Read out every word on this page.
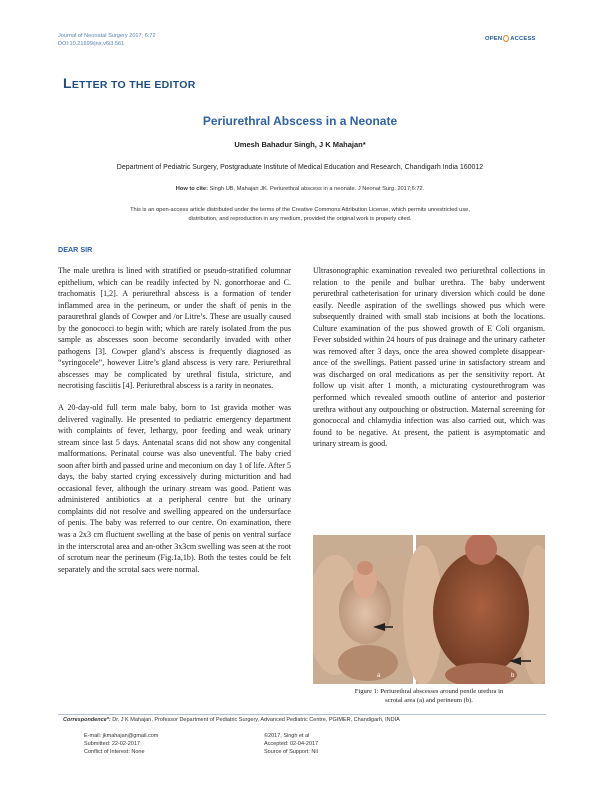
Journal of Neonatal Surgery 2017; 6:72
DOI:10.21699/jns.v6i3.561
OPEN ACCESS
LETTER TO THE EDITOR
Periurethral Abscess in a Neonate
Umesh Bahadur Singh, J K Mahajan*
Department of Pediatric Surgery, Postgraduate Institute of Medical Education and Research, Chandigarh India 160012
How to cite: Singh UB, Mahajan JK. Periurethral abscess in a neonate. J Neonat Surg. 2017;6:72.
This is an open-access article distributed under the terms of the Creative Commons Attribution License, which permits unrestricted use,
distribution, and reproduction in any medium, provided the original work is properly cited.
DEAR SIR

The male urethra is lined with stratified or pseudo-stratified columnar epithelium, which can be readily infected by N. gonorrhoeae and C. trachomatis [1,2]. A periurethral abscess is a formation of tender inflammed area in the perineum, or under the shaft of penis in the paraurethral glands of Cowper and /or Litre’s. These are usually caused by the gonococci to begin with; which are rarely isolated from the pus sample as abscesses soon become secondarily invaded with other pathogens [3]. Cowper gland’s abscess is frequently diagnosed as “syringocele”, however Litre’s gland abscess is very rare. Periurethral abscesses may be complicated by urethral fistula, stricture, and necrotising fasciitis [4]. Periurethral abscess is a rarity in neonates.

A 20-day-old full term male baby, born to 1st gravida mother was delivered vaginally. He presented to pediatric emergency department with complaints of fever, lethargy, poor feeding and weak urinary stream since last 5 days. Antenatal scans did not show any congenital malformations. Perinatal course was also uneventful. The baby cried soon after birth and passed urine and meconium on day 1 of life. After 5 days, the baby started crying excessively during micturition and had occasional fever, although the urinary stream was good. Patient was administered antibiotics at a peripheral centre but the urinary complaints did not resolve and swelling appeared on the undersurface of penis. The baby was referred to our centre. On examination, there was a 2x3 cm fluctuent swelling at the base of penis on ventral surface in the interscrotal area and an-other 3x3cm swelling was seen at the root of scrotum near the perineum (Fig.1a,1b). Both the testes could be felt separately and the scrotal sacs were normal.

Ultrasonographic examination revealed two periurethral collections in relation to the penile and bulbar urethra. The baby underwent perurethral catheterisation for urinary diversion which could be done easily. Needle aspiration of the swellings showed pus which were subsequently drained with small stab incisions at both the locations. Culture examination of the pus showed growth of E Coli organism. Fever subsided within 24 hours of pus drainage and the urinary catheter was removed after 3 days, once the area showed complete disappear-ance of the swellings. Patient passed urine in satisfactory stream and was discharged on oral medications as per the sensitivity report. At follow up visit after 1 month, a micturating cystourethrogram was performed which revealed smooth outline of anterior and posterior urethra without any outpouching or obstruction. Maternal screening for gonococcal and chlamydia infection was also carried out, which was found to be negative. At present, the patient is asymptomatic and urinary stream is good.

a	b
Figure 1: Periurethral abscesses around penile urethra in
scrotal area (a) and perineum (b).
Correspondence*: Dr. J K Mahajan, Professor Department of Pediatric Surgery, Advanced Pediatric Centre, PGIMER, Chandigarh, INDIA
E-mail: jkmahajan@gmail.com
Submitted: 22-02-2017
Conflict of Interest: None
©2017, Singh et al
Accepted: 02-04-2017
Source of Support: Nil
